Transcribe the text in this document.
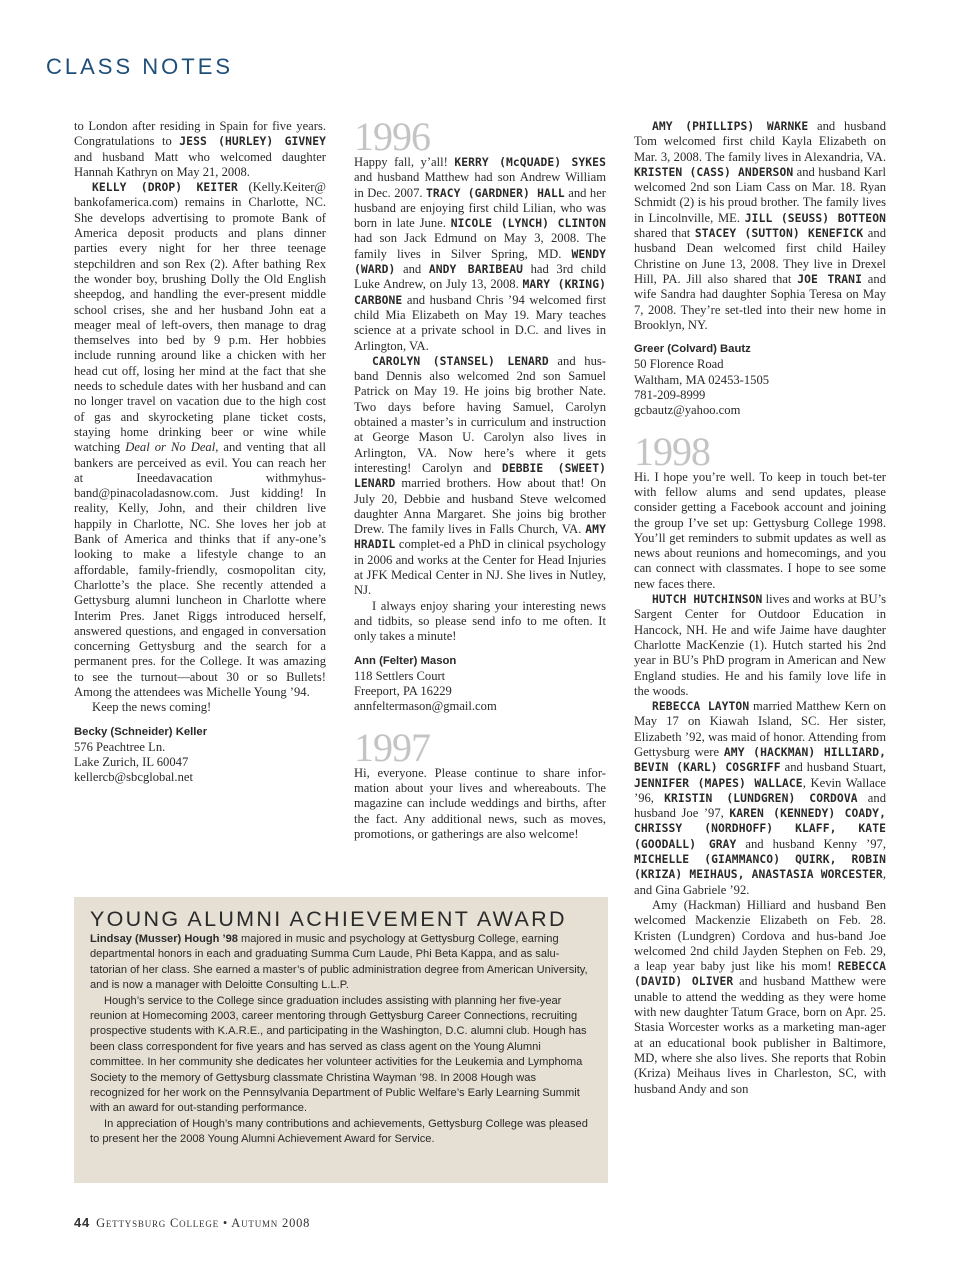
CLASS NOTES

to London after residing in Spain for five years. Congratulations to JESS (HURLEY) GIVNEY and husband Matt who welcomed daughter Hannah Kathryn on May 21, 2008.

KELLY (DROP) KEITER (Kelly.Keiter@ bankofamerica.com) remains in Charlotte, NC. She develops advertising to promote Bank of America deposit products and plans dinner parties every night for her three teenage stepchildren and son Rex (2). After bathing Rex the wonder boy, brushing Dolly the Old English sheepdog, and handling the ever-present middle school crises, she and her husband John eat a meager meal of left-overs, then manage to drag themselves into bed by 9 p.m. Her hobbies include running around like a chicken with her head cut off, losing her mind at the fact that she needs to schedule dates with her husband and can no longer travel on vacation due to the high cost of gas and skyrocketing plane ticket costs, staying home drinking beer or wine while watching Deal or No Deal, and venting that all bankers are perceived as evil. You can reach her at Ineedavacation withmyhus-band@pinacoladasnow.com. Just kidding! In reality, Kelly, John, and their children live happily in Charlotte, NC. She loves her job at Bank of America and thinks that if any-one’s looking to make a lifestyle change to an affordable, family-friendly, cosmopolitan city, Charlotte’s the place. She recently attended a Gettysburg alumni luncheon in Charlotte where Interim Pres. Janet Riggs introduced herself, answered questions, and engaged in conversation concerning Gettysburg and the search for a permanent pres. for the College. It was amazing to see the turnout—about 30 or so Bullets! Among the attendees was Michelle Young ’94.

Keep the news coming!

Becky (Schneider) Keller
576 Peachtree Ln.
Lake Zurich, IL 60047
kellercb@sbcglobal.net

1996

Happy fall, y’all! KERRY (McQUADE) SYKES and husband Matthew had son Andrew William in Dec. 2007. TRACY (GARDNER) HALL and her husband are enjoying first child Lilian, who was born in late June. NICOLE (LYNCH) CLINTON had son Jack Edmund on May 3, 2008. The family lives in Silver Spring, MD. WENDY (WARD) and ANDY BARIBEAU had 3rd child Luke Andrew, on July 13, 2008. MARY (KRING) CARBONE and husband Chris ’94 welcomed first child Mia Elizabeth on May 19. Mary teaches science at a private school in D.C. and lives in Arlington, VA.

CAROLYN (STANSEL) LENARD and hus-band Dennis also welcomed 2nd son Samuel Patrick on May 19. He joins big brother Nate. Two days before having Samuel, Carolyn obtained a master’s in curriculum and instruction at George Mason U. Carolyn also lives in Arlington, VA. Now here’s where it gets interesting! Carolyn and DEBBIE (SWEET) LENARD married brothers. How about that! On July 20, Debbie and husband Steve welcomed daughter Anna Margaret. She joins big brother Drew. The family lives in Falls Church, VA. AMY HRADIL complet-ed a PhD in clinical psychology in 2006 and works at the Center for Head Injuries at JFK Medical Center in NJ. She lives in Nutley, NJ.

I always enjoy sharing your interesting news and tidbits, so please send info to me often. It only takes a minute!

Ann (Felter) Mason
118 Settlers Court
Freeport, PA 16229
annfeltermason@gmail.com

1997

Hi, everyone. Please continue to share infor-mation about your lives and whereabouts. The magazine can include weddings and births, after the fact. Any additional news, such as moves, promotions, or gatherings are also welcome!

AMY (PHILLIPS) WARNKE and husband Tom welcomed first child Kayla Elizabeth on Mar. 3, 2008. The family lives in Alexandria, VA. KRISTEN (CASS) ANDERSON and husband Karl welcomed 2nd son Liam Cass on Mar. 18. Ryan Schmidt (2) is his proud brother. The family lives in Lincolnville, ME. JILL (SEUSS) BOTTEON shared that STACEY (SUTTON) KENEFICK and husband Dean welcomed first child Hailey Christine on June 13, 2008. They live in Drexel Hill, PA. Jill also shared that JOE TRANI and wife Sandra had daughter Sophia Teresa on May 7, 2008. They’re set-tled into their new home in Brooklyn, NY.

Greer (Colvard) Bautz
50 Florence Road
Waltham, MA 02453-1505
781-209-8999
gcbautz@yahoo.com

1998

Hi. I hope you’re well. To keep in touch bet-ter with fellow alums and send updates, please consider getting a Facebook account and joining the group I’ve set up: Gettysburg College 1998. You’ll get reminders to submit updates as well as news about reunions and homecomings, and you can connect with classmates. I hope to see some new faces there.

HUTCH HUTCHINSON lives and works at BU’s Sargent Center for Outdoor Education in Hancock, NH. He and wife Jaime have daughter Charlotte MacKenzie (1). Hutch started his 2nd year in BU’s PhD program in American and New England studies. He and his family love life in the woods.

REBECCA LAYTON married Matthew Kern on May 17 on Kiawah Island, SC. Her sister, Elizabeth ’92, was maid of honor. Attending from Gettysburg were AMY (HACKMAN) HILLIARD, BEVIN (KARL) COSGRIFF and husband Stuart, JENNIFER (MAPES) WALLACE, Kevin Wallace ’96, KRISTIN (LUNDGREN) CORDOVA and husband Joe ’97, KAREN (KENNEDY) COADY, CHRISSY (NORDHOFF) KLAFF, KATE (GOODALL) GRAY and husband Kenny ’97, MICHELLE (GIAMMANCO) QUIRK, ROBIN (KRIZA) MEIHAUS, ANASTASIA WORCESTER, and Gina Gabriele ’92.

Amy (Hackman) Hilliard and husband Ben welcomed Mackenzie Elizabeth on Feb. 28. Kristen (Lundgren) Cordova and hus-band Joe welcomed 2nd child Jayden Stephen on Feb. 29, a leap year baby just like his mom! REBECCA (DAVID) OLIVER and husband Matthew were unable to attend the wedding as they were home with new daughter Tatum Grace, born on Apr. 25. Stasia Worcester works as a marketing man-ager at an educational book publisher in Baltimore, MD, where she also lives. She reports that Robin (Kriza) Meihaus lives in Charleston, SC, with husband Andy and son

YOUNG ALUMNI ACHIEVEMENT AWARD

Lindsay (Musser) Hough ’98 majored in music and psychology at Gettysburg College, earning departmental honors in each and graduating Summa Cum Laude, Phi Beta Kappa, and as salu-tatorian of her class. She earned a master’s of public administration degree from American University, and is now a manager with Deloitte Consulting L.L.P.

Hough’s service to the College since graduation includes assisting with planning her five-year reunion at Homecoming 2003, career mentoring through Gettysburg Career Connections, recruiting prospective students with K.A.R.E., and participating in the Washington, D.C. alumni club. Hough has been class correspondent for five years and has served as class agent on the Young Alumni committee. In her community she dedicates her volunteer activities for the Leukemia and Lymphoma Society to the memory of Gettysburg classmate Christina Wayman ’98. In 2008 Hough was recognized for her work on the Pennsylvania Department of Public Welfare’s Early Learning Summit with an award for out-standing performance.

In appreciation of Hough’s many contributions and achievements, Gettysburg College was pleased to present her the 2008 Young Alumni Achievement Award for Service.

44 Gettysburg College • Autumn 2008
